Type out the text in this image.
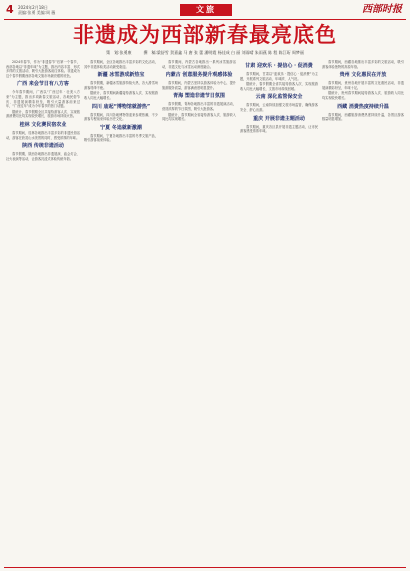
4 2024年2月18日
责编:张勇 美编:周 薇	文旅	西部时报
非遗成为西部新春最亮底色
策　划:张勇康　　　撰　稿:梁舒雪 贺嘉鑫 马 唐 张 蕾 潘明霞 杨佳成 白 丽 刘雨晴 朱雨燕 陈 程 陈江珩 周梦丽

2024年春节，作为“非遗春节”后第一个春节，西部各地以“非遗年味”为主题，推出内容丰富、形式多样的文旅活动，吸引大批游客前往体验。非遗成为这个春节假期西部各地文旅市场最亮眼的底色。

广西 来会节日有八方客

今年春节期间，广西以“广西过年 · 壮美八方来”为主题，推出多项新春文旅活动，各地民俗节庆、非遗展演精彩纷呈，吸引大量游客前来过年，“广西过年”成为今年春节的热门话题。

据统计，春节假期全区共接待游客人次、实现旅游消费同比均实现较快增长，旅游市场持续火热。

桂林 文化赛民宿农业

春节期间，桂林各地推出丰富多彩的非遗民俗活动，游客在欣赏山水美景的同时，感受浓厚的年味。

陕西 传统非遗活动

春节假期，陕西各地推出非遗展演、庙会灯会、社火表演等活动，让游客沉浸式体验传统年俗。

春节期间，全区各地推出丰富多彩的文化活动，其中非遗体验类活动最受欢迎。

新疆 冰雪游成新热宝

春节假期，新疆冰雪旅游持续火热，各大滑雪场游客络绎不绝。

据统计，春节期间新疆接待游客人次、实现旅游收入同比大幅增长。

四川 庙起“博物馆就游热”

春节期间，四川各地博物馆迎来参观热潮，不少游客专程前来体验历史文化。

宁夏 冬追就新激潮

春节期间，宁夏各地推出丰富的冬季文旅产品，吸引游客前来体验。

春节期间，内蒙古各地推出一系列冰雪旅游活动，非遗文化与冰雪运动深度融合。

内蒙古 创意服务提升观感体验

春节期间，内蒙古坚持以游客体验为中心，提升旅游服务质量，游客满意度明显提升。

青海 塑造非遗节日氛围

春节假期，青海各地推出丰富的非遗展演活动，营造浓厚的节日氛围，吸引大批游客。

据统计，春节期间全省接待游客人次、旅游收入同比均实现增长。

甘肃 迎欢乐 · 提信心 · 促消费

春节期间，甘肃以“迎欢乐 · 提信心 · 促消费”为主题，开展系列文旅活动，年味浓、人气旺。

据统计，春节假期全省共接待游客人次、实现旅游收入同比大幅增长，文旅市场持续回暖。

云南 深化监管保安全

春节期间，云南持续加强文旅市场监管，确保游客安全、舒心出游。

重庆 开展非遗主题活动

春节期间，重庆各区县开展非遗主题活动，让市民游客感受浓浓年味。

春节期间，西藏各地推出丰富多彩的文旅活动，吸引游客体验独特的高原年俗。

贵州 文化惠民在开放

春节期间，贵州各地开展丰富的文化惠民活动，非遗展演精彩纷呈，年味十足。

据统计，贵州春节期间接待游客人次、旅游收入同比均实现较快增长。

西藏 消费热度持续升温

春节期间，西藏旅游消费热度持续升温，各景区游客数量明显增加。
